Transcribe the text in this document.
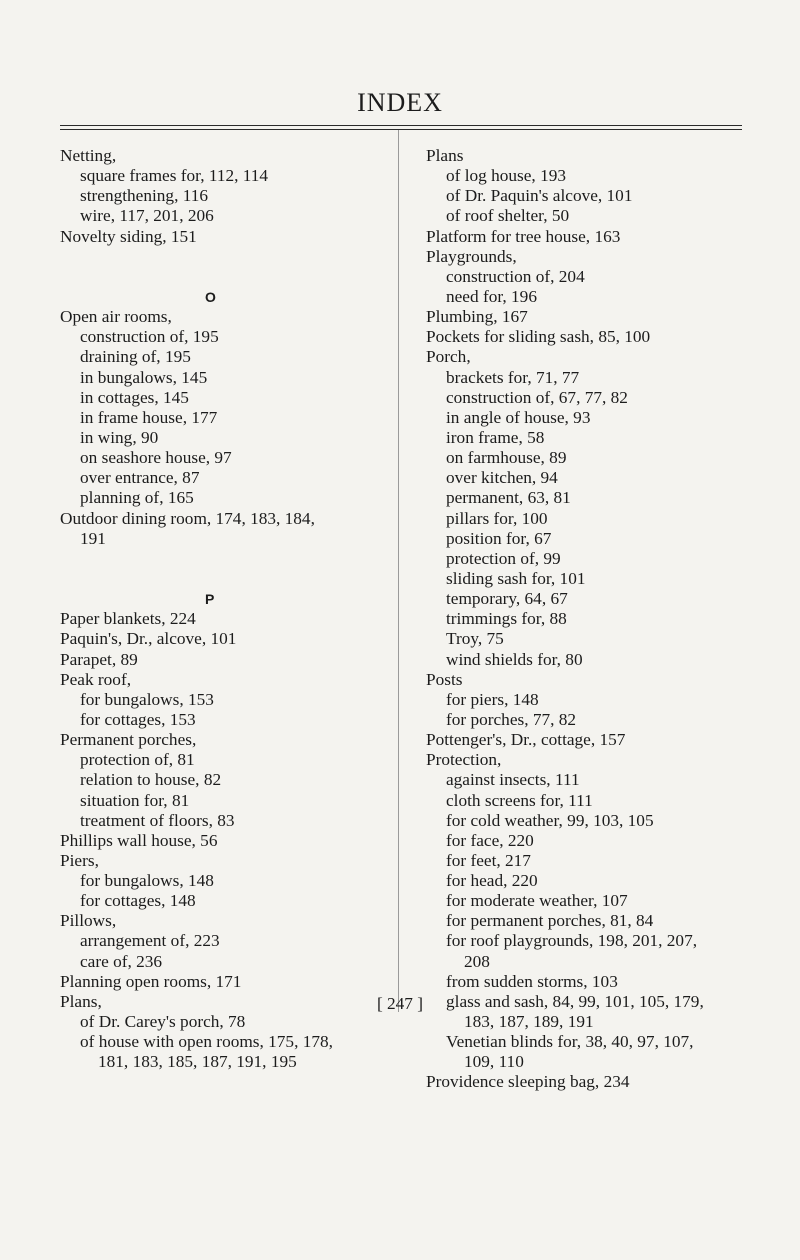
INDEX
Netting,
square frames for, 112, 114
strengthening, 116
wire, 117, 201, 206
Novelty siding, 151
O
Open air rooms,
construction of, 195
draining of, 195
in bungalows, 145
in cottages, 145
in frame house, 177
in wing, 90
on seashore house, 97
over entrance, 87
planning of, 165
Outdoor dining room, 174, 183, 184,
191
P
Paper blankets, 224
Paquin's, Dr., alcove, 101
Parapet, 89
Peak roof,
for bungalows, 153
for cottages, 153
Permanent porches,
protection of, 81
relation to house, 82
situation for, 81
treatment of floors, 83
Phillips wall house, 56
Piers,
for bungalows, 148
for cottages, 148
Pillows,
arrangement of, 223
care of, 236
Planning open rooms, 171
Plans,
of Dr. Carey's porch, 78
of house with open rooms, 175, 178,
181, 183, 185, 187, 191, 195
Plans
of log house, 193
of Dr. Paquin's alcove, 101
of roof shelter, 50
Platform for tree house, 163
Playgrounds,
construction of, 204
need for, 196
Plumbing, 167
Pockets for sliding sash, 85, 100
Porch,
brackets for, 71, 77
construction of, 67, 77, 82
in angle of house, 93
iron frame, 58
on farmhouse, 89
over kitchen, 94
permanent, 63, 81
pillars for, 100
position for, 67
protection of, 99
sliding sash for, 101
temporary, 64, 67
trimmings for, 88
Troy, 75
wind shields for, 80
Posts
for piers, 148
for porches, 77, 82
Pottenger's, Dr., cottage, 157
Protection,
against insects, 111
cloth screens for, 111
for cold weather, 99, 103, 105
for face, 220
for feet, 217
for head, 220
for moderate weather, 107
for permanent porches, 81, 84
for roof playgrounds, 198, 201, 207,
208
from sudden storms, 103
glass and sash, 84, 99, 101, 105, 179,
183, 187, 189, 191
Venetian blinds for, 38, 40, 97, 107,
109, 110
Providence sleeping bag, 234
[ 247 ]
